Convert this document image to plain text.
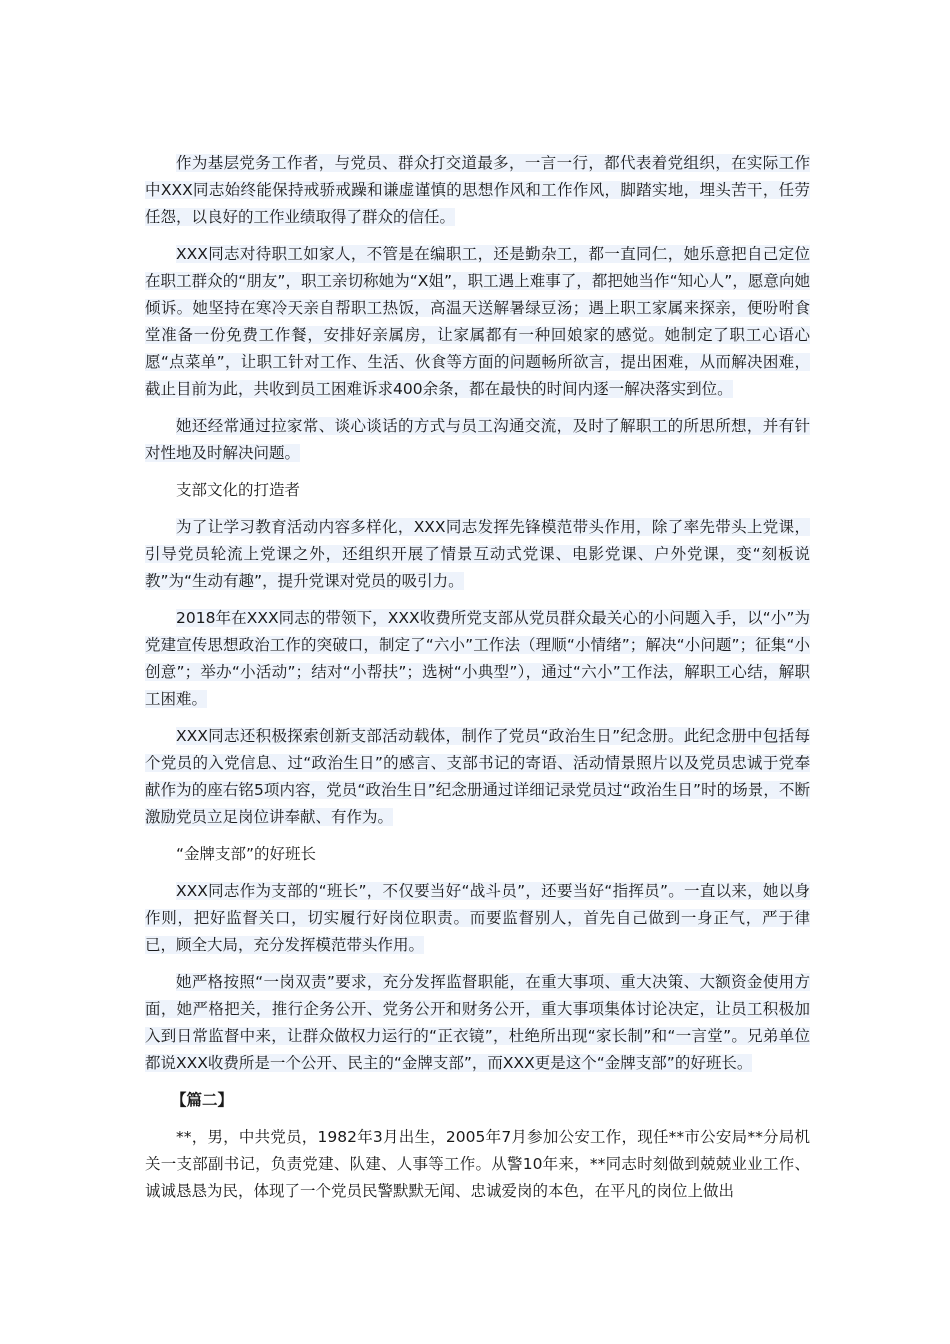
作为基层党务工作者，与党员、群众打交道最多，一言一行，都代表着党组织，在实际工作中XXX同志始终能保持戒骄戒躁和谦虚谨慎的思想作风和工作作风，脚踏实地，埋头苦干，任劳任怨，以良好的工作业绩取得了群众的信任。

XXX同志对待职工如家人，不管是在编职工，还是勤杂工，都一直同仁，她乐意把自己定位在职工群众的“朋友”，职工亲切称她为“X姐”，职工遇上难事了，都把她当作“知心人”，愿意向她倾诉。她坚持在寒冷天亲自帮职工热饭，高温天送解暑绿豆汤；遇上职工家属来探亲，便吩咐食堂准备一份免费工作餐，安排好亲属房，让家属都有一种回娘家的感觉。她制定了职工心语心愿“点菜单”，让职工针对工作、生活、伙食等方面的问题畅所欲言，提出困难，从而解决困难，截止目前为此，共收到员工困难诉求400余条，都在最快的时间内逐一解决落实到位。

她还经常通过拉家常、谈心谈话的方式与员工沟通交流，及时了解职工的所思所想，并有针对性地及时解决问题。

支部文化的打造者

为了让学习教育活动内容多样化，XXX同志发挥先锋模范带头作用，除了率先带头上党课，引导党员轮流上党课之外，还组织开展了情景互动式党课、电影党课、户外党课，变“刻板说教”为“生动有趣”，提升党课对党员的吸引力。

2018年在XXX同志的带领下，XXX收费所党支部从党员群众最关心的小问题入手，以“小”为党建宣传思想政治工作的突破口，制定了“六小”工作法（理顺“小情绪”；解决“小问题”；征集“小创意”；举办“小活动”；结对“小帮扶”；选树“小典型”），通过“六小”工作法，解职工心结，解职工困难。

XXX同志还积极探索创新支部活动载体，制作了党员“政治生日”纪念册。此纪念册中包括每个党员的入党信息、过“政治生日”的感言、支部书记的寄语、活动情景照片以及党员忠诚于党奉献作为的座右铭5项内容，党员“政治生日”纪念册通过详细记录党员过“政治生日”时的场景，不断激励党员立足岗位讲奉献、有作为。

“金牌支部”的好班长

XXX同志作为支部的“班长”，不仅要当好“战斗员”，还要当好“指挥员”。一直以来，她以身作则，把好监督关口，切实履行好岗位职责。而要监督别人，首先自己做到一身正气，严于律已，顾全大局，充分发挥模范带头作用。

她严格按照“一岗双责”要求，充分发挥监督职能，在重大事项、重大决策、大额资金使用方面，她严格把关，推行企务公开、党务公开和财务公开，重大事项集体讨论决定，让员工积极加入到日常监督中来，让群众做权力运行的“正衣镜”，杜绝所出现“家长制”和“一言堂”。兄弟单位都说XXX收费所是一个公开、民主的“金牌支部”，而XXX更是这个“金牌支部”的好班长。

【篇二】

**，男，中共党员，1982年3月出生，2005年7月参加公安工作，现任**市公安局**分局机关一支部副书记，负责党建、队建、人事等工作。从警10年来，**同志时刻做到兢兢业业工作、诚诚恳恳为民，体现了一个党员民警默默无闻、忠诚爱岗的本色，在平凡的岗位上做出
